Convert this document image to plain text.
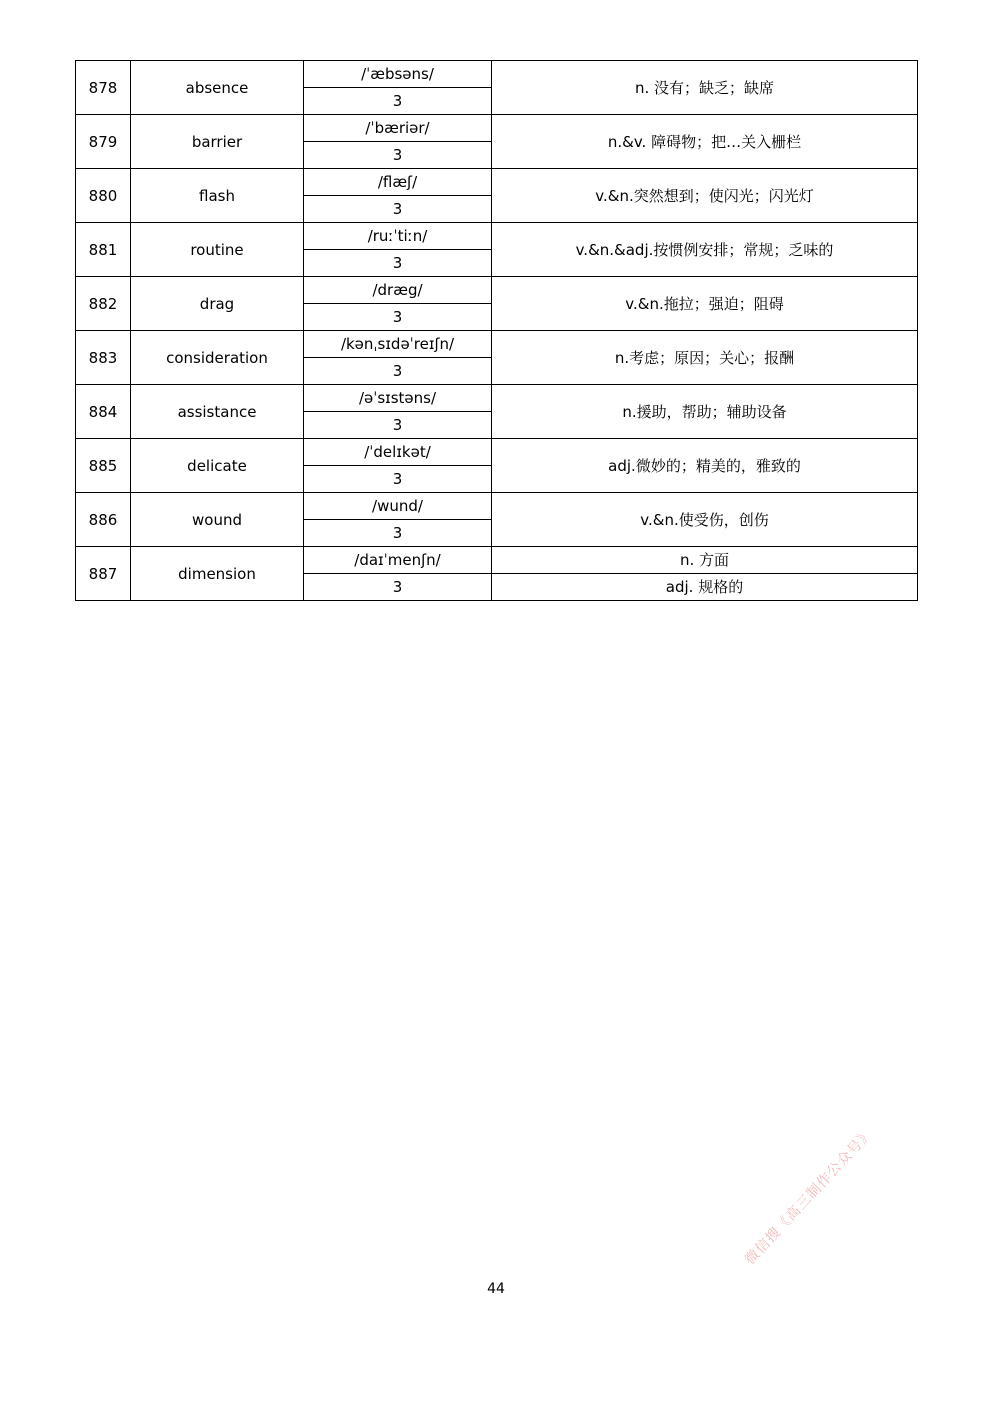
878	absence	/ˈæbsəns/	n. 没有；缺乏；缺席
		3	
879	barrier	/ˈbæriər/	n.&v. 障碍物；把…关入栅栏
		3	
880	flash	/flæʃ/	v.&n.突然想到；使闪光；闪光灯
		3	
881	routine	/ruːˈtiːn/	v.&n.&adj.按惯例安排；常规；乏味的
		3	
882	drag	/dræg/	v.&n.拖拉；强迫；阻碍
		3	
883	consideration	/kənˌsɪdəˈreɪʃn/	n.考虑；原因；关心；报酬
		3	
884	assistance	/əˈsɪstəns/	n.援助，帮助；辅助设备
		3	
885	delicate	/ˈdelɪkət/	adj.微妙的；精美的，雅致的
		3	
886	wound	/wund/	v.&n.使受伤，创伤
		3	
887	dimension	/daɪˈmenʃn/	n. 方面
		3	adj. 规格的
44
微信搜《高三制作公众号》
